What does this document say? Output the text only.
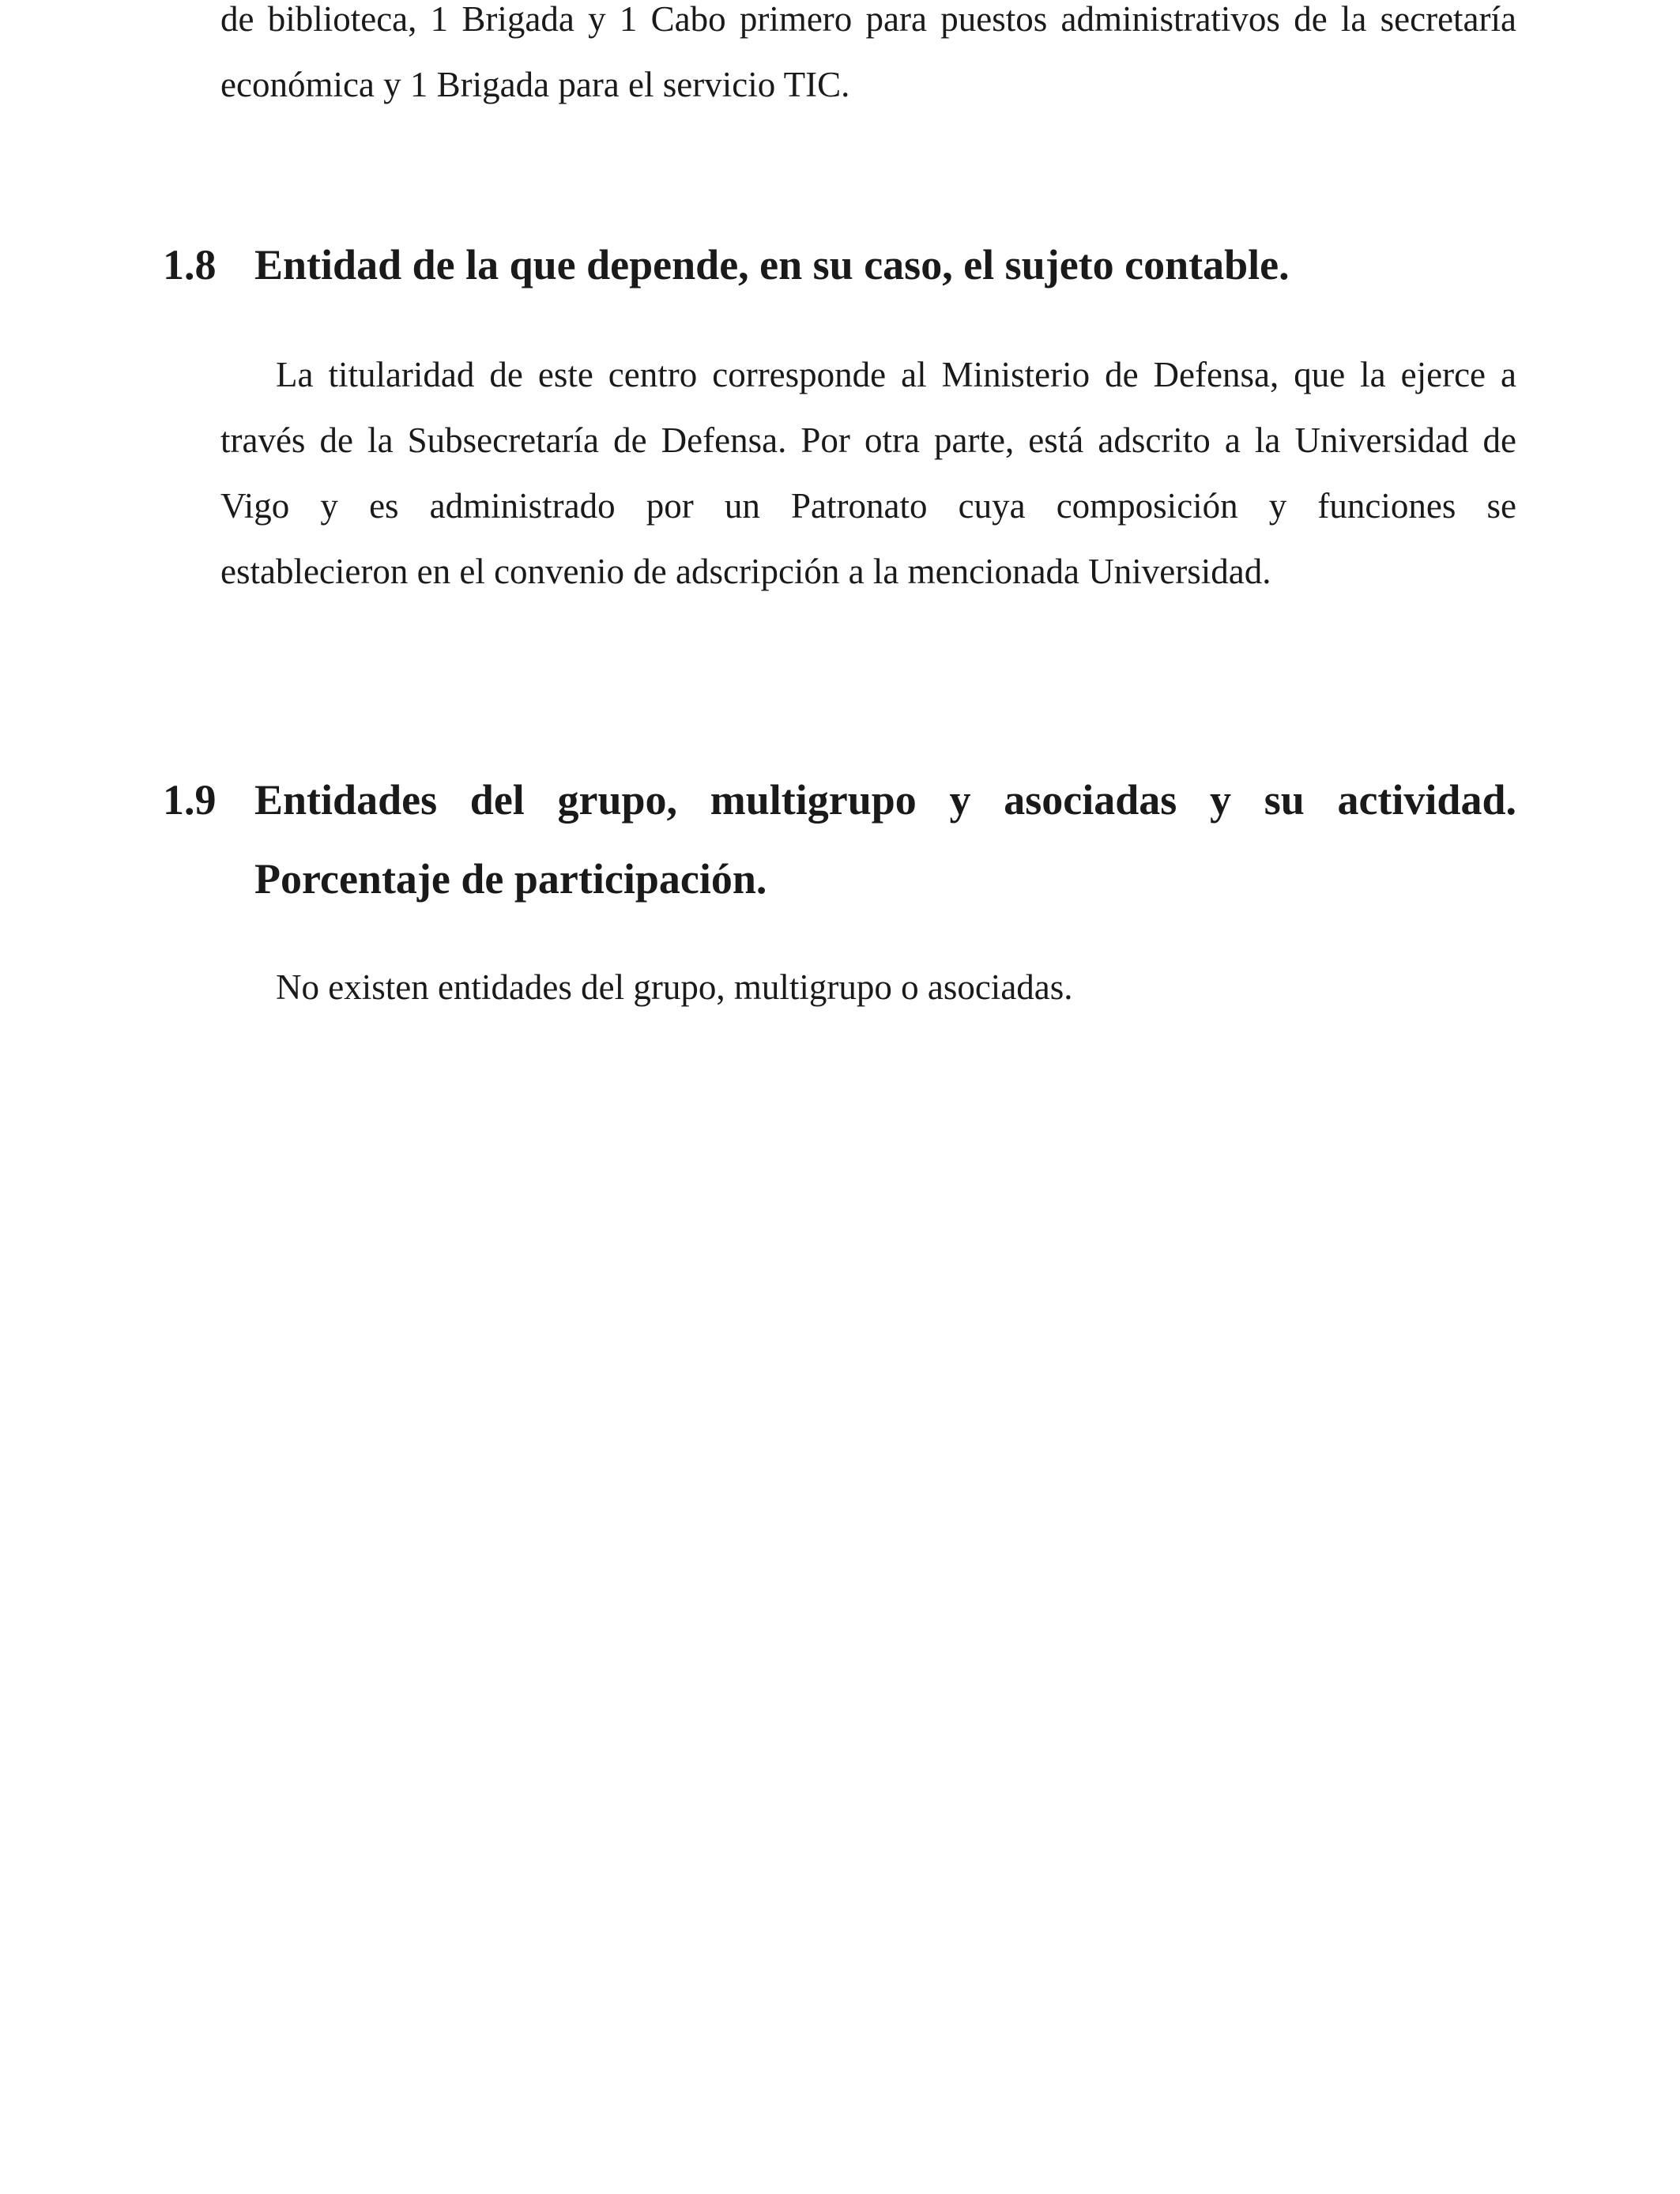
de biblioteca, 1 Brigada y 1 Cabo primero para puestos administrativos de la secretaría
económica y 1 Brigada para el servicio TIC.
1.8 Entidad de la que depende, en su caso, el sujeto contable.
La titularidad de este centro corresponde al Ministerio de Defensa, que la ejerce a
través de la Subsecretaría de Defensa. Por otra parte, está adscrito a la Universidad de
Vigo y es administrado por un Patronato cuya composición y funciones se
establecieron en el convenio de adscripción a la mencionada Universidad.
1.9 Entidades del grupo, multigrupo y asociadas y su actividad.
Porcentaje de participación.
No existen entidades del grupo, multigrupo o asociadas.
